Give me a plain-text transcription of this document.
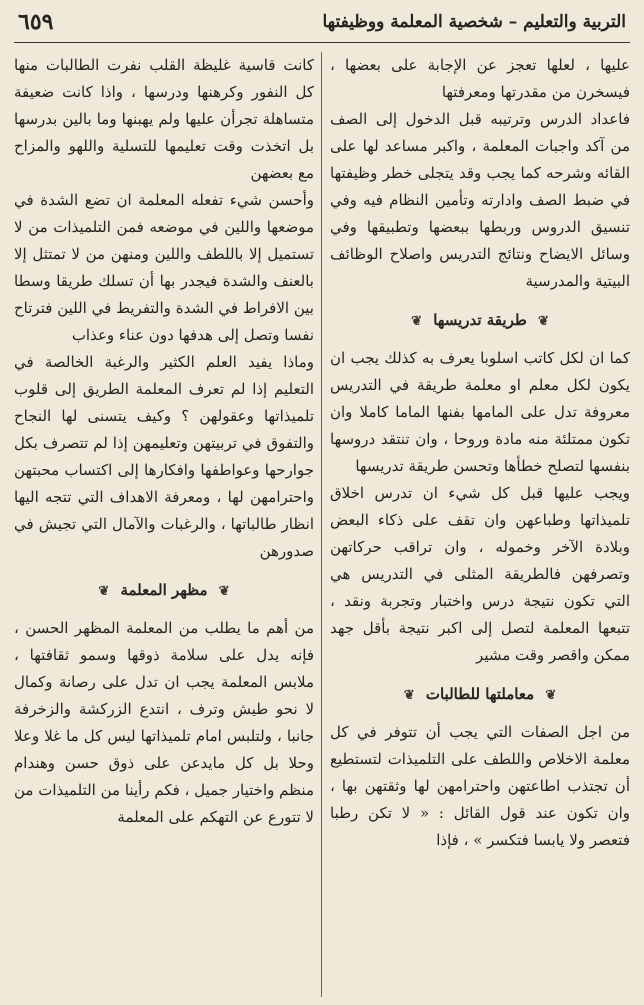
٦٥٩	التربية والتعليم – شخصية المعلمة ووظيفتها

عليها ، لعلها تعجز عن الإجابة على بعضها ، فيسخرن من مقدرتها ومعرفتها

فاعداد الدرس وترتيبه قبل الدخول إلى الصف من آكد واجبات المعلمة ، واكبر مساعد لها على القائه وشرحه كما يجب وقد يتجلى خطر وظيفتها في ضبط الصف وادارته وتأمين النظام فيه وفي تنسيق الدروس وربطها ببعضها وتطبيقها وفي وسائل الايضاح ونتائج التدريس واصلاح الوظائف البيتية والمدرسية

❦ طريقة تدريسها ❦

كما ان لكل كاتب اسلوبا يعرف به كذلك يجب ان يكون لكل معلم او معلمة طريقة في التدريس معروفة تدل على المامها بفنها الماما كاملا وان تكون ممتلئة منه مادة وروحا ، وان تنتقد دروسها بنفسها لتصلح خطأها وتحسن طريقة تدريسها

ويجب عليها قبل كل شيء ان تدرس اخلاق تلميذاتها وطباعهن وان تقف على ذكاء البعض وبلادة الآخر وخموله ، وان تراقب حركاتهن وتصرفهن فالطريقة المثلى في التدريس هي التي تكون نتيجة درس واختبار وتجربة ونقد ، تتبعها المعلمة لتصل إلى اكبر نتيجة بأقل جهد ممكن واقصر وقت مشير

❦ معاملتها للطالبات ❦

من اجل الصفات التي يجب أن تتوفر في كل معلمة الاخلاص واللطف على التلميذات لتستطيع أن تجتذب اطاعتهن واحترامهن لها وثقتهن بها ، وان تكون عند قول القائل : « لا تكن رطبا فتعصر ولا يابسا فتكسر » ، فإذا

كانت قاسية غليظة القلب نفرت الطالبات منها كل النفور وكرهنها ودرسها ، واذا كانت ضعيفة متساهلة تجرأن عليها ولم يهبنها وما بالين بدرسها بل اتخذت وقت تعليمها للتسلية واللهو والمزاح مع بعضهن

وأحسن شيء تفعله المعلمة ان تضع الشدة في موضعها واللين في موضعه فمن التلميذات من لا تستميل إلا باللطف واللين ومنهن من لا تمتثل إلا بالعنف والشدة فيجدر بها أن تسلك طريقا وسطا بين الافراط في الشدة والتفريط في اللين فترتاح نفسا وتصل إلى هدفها دون عناء وعذاب

وماذا يفيد العلم الكثير والرغبة الخالصة في التعليم إذا لم تعرف المعلمة الطريق إلى قلوب تلميذاتها وعقولهن ؟ وكيف يتسنى لها النجاح والتفوق في تربيتهن وتعليمهن إذا لم تتصرف بكل جوارحها وعواطفها وافكارها إلى اكتساب محبتهن واحترامهن لها ، ومعرفة الاهداف التي تتجه اليها انظار طالباتها ، والرغبات والآمال التي تجيش في صدورهن

❦ مظهر المعلمة ❦

من أهم ما يطلب من المعلمة المظهر الحسن ، فإنه يدل على سلامة ذوقها وسمو ثقافتها ، ملابس المعلمة يجب ان تدل على رصانة وكمال لا نحو طيش وترف ، انتدع الزركشة والزخرفة جانبا ، ولتلبس امام تلميذاتها ليس كل ما غلا وعلا وحلا بل كل مايدعن على ذوق حسن وهندام منظم واختيار جميل ، فكم رأينا من التلميذات من لا تتورع عن التهكم على المعلمة
